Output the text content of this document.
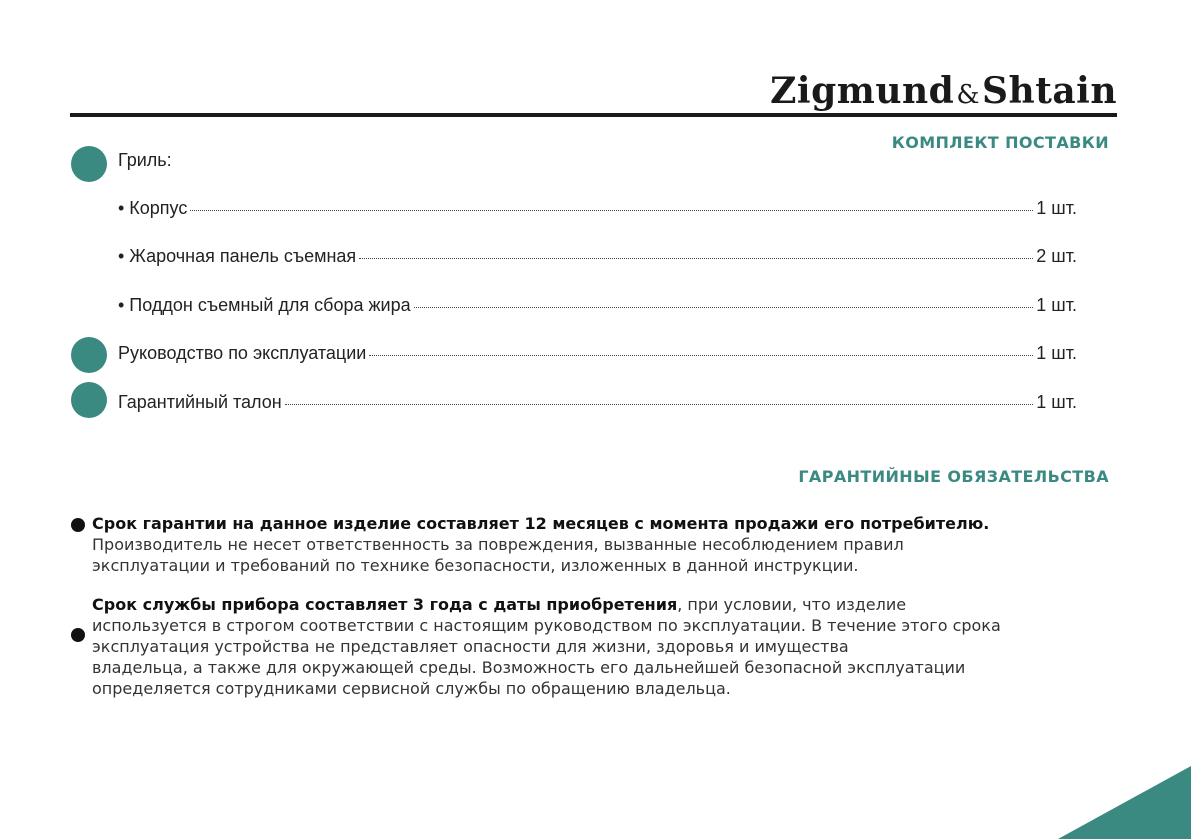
Zigmund&Shtain
КОМПЛЕКТ ПОСТАВКИ
Гриль:
• Корпус	1 шт.
• Жарочная панель съемная	2 шт.
• Поддон съемный для сбора жира	1 шт.
Руководство по эксплуатации	1 шт.
Гарантийный талон	1 шт.
ГАРАНТИЙНЫЕ ОБЯЗАТЕЛЬСТВА
Срок гарантии на данное изделие составляет 12 месяцев с момента продажи его потребителю.
Производитель не несет ответственность за повреждения, вызванные несоблюдением правил
эксплуатации и требований по технике безопасности, изложенных в данной инструкции.
Срок службы прибора составляет 3 года с даты приобретения, при условии, что изделие
используется в строгом соответствии с настоящим руководством по эксплуатации. В течение этого срока
эксплуатация устройства не представляет опасности для жизни, здоровья и имущества
владельца, а также для окружающей среды. Возможность его дальнейшей безопасной эксплуатации
определяется сотрудниками сервисной службы по обращению владельца.
